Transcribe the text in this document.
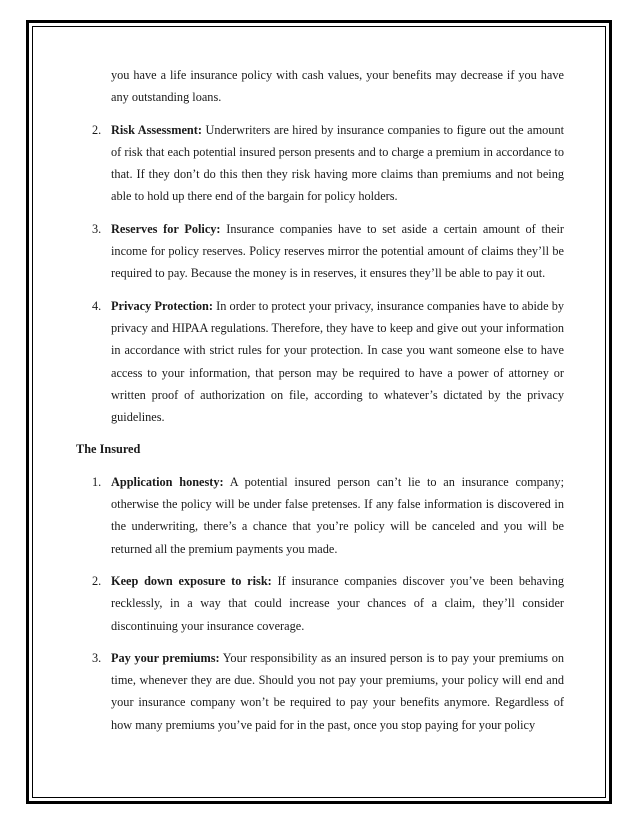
you have a life insurance policy with cash values, your benefits may decrease if you have any outstanding loans.

2. Risk Assessment: Underwriters are hired by insurance companies to figure out the amount of risk that each potential insured person presents and to charge a premium in accordance to that. If they don’t do this then they risk having more claims than premiums and not being able to hold up there end of the bargain for policy holders.
3. Reserves for Policy: Insurance companies have to set aside a certain amount of their income for policy reserves. Policy reserves mirror the potential amount of claims they’ll be required to pay. Because the money is in reserves, it ensures they’ll be able to pay it out.
4. Privacy Protection: In order to protect your privacy, insurance companies have to abide by privacy and HIPAA regulations. Therefore, they have to keep and give out your information in accordance with strict rules for your protection. In case you want someone else to have access to your information, that person may be required to have a power of attorney or written proof of authorization on file, according to whatever’s dictated by the privacy guidelines.
The Insured
1. Application honesty: A potential insured person can’t lie to an insurance company; otherwise the policy will be under false pretenses. If any false information is discovered in the underwriting, there’s a chance that you’re policy will be canceled and you will be returned all the premium payments you made.
2. Keep down exposure to risk: If insurance companies discover you’ve been behaving recklessly, in a way that could increase your chances of a claim, they’ll consider discontinuing your insurance coverage.
3. Pay your premiums: Your responsibility as an insured person is to pay your premiums on time, whenever they are due. Should you not pay your premiums, your policy will end and your insurance company won’t be required to pay your benefits anymore. Regardless of how many premiums you’ve paid for in the past, once you stop paying for your policy
